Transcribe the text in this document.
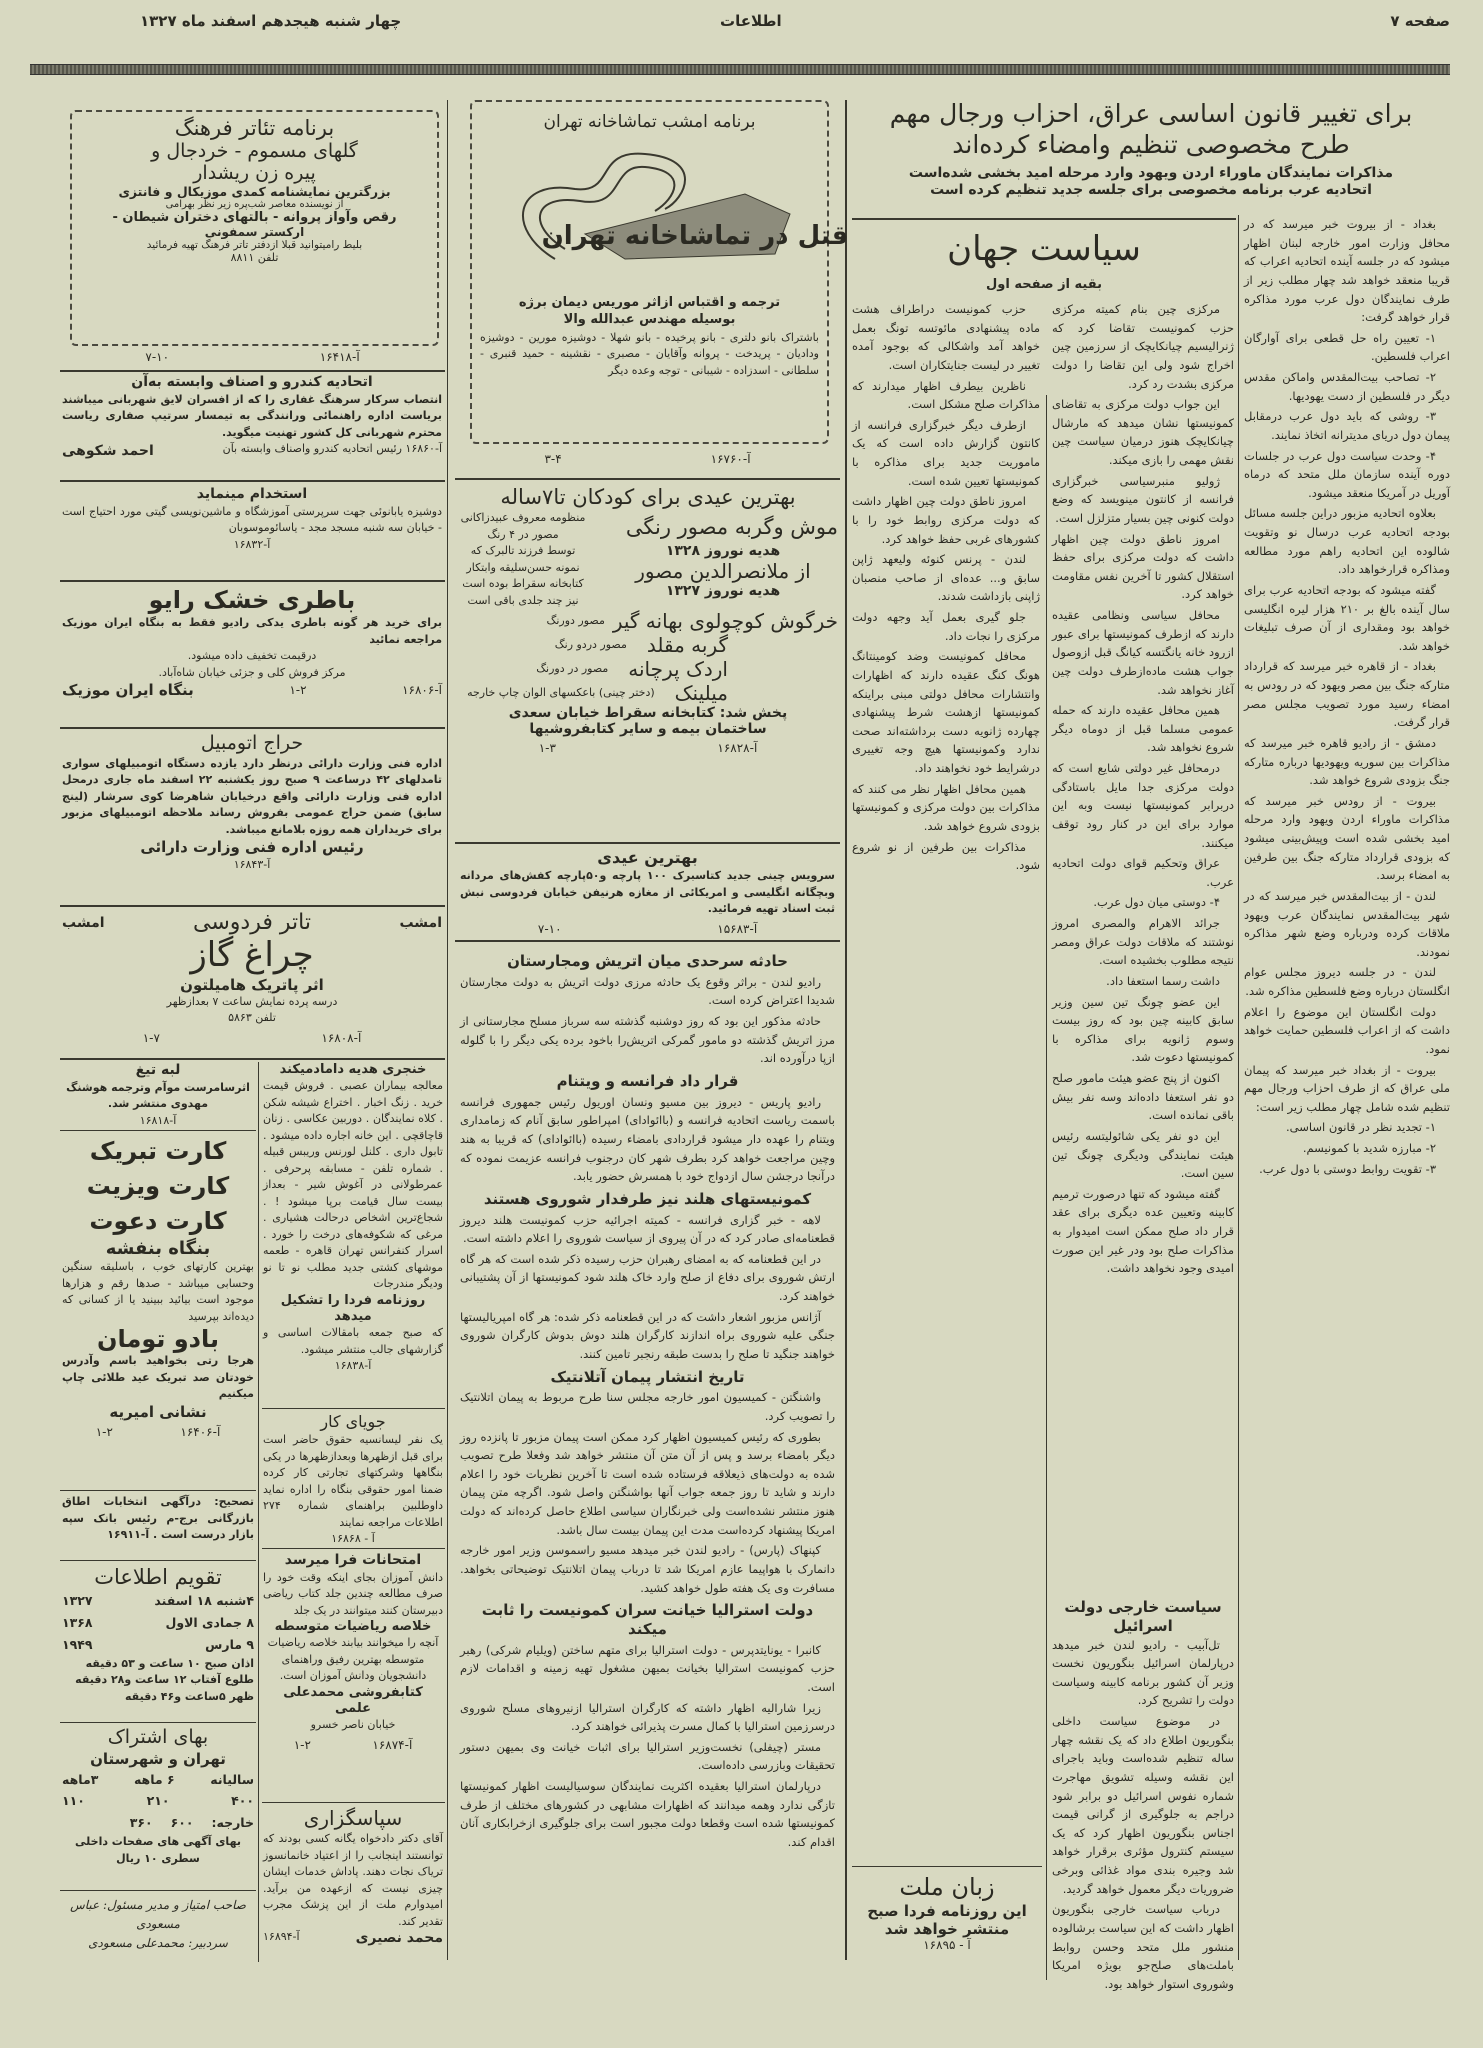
صفحه ۷
اطلاعات
چهار شنبه هیجدهم اسفند ماه ۱۳۲۷
برای تغییر قانون اساسی عراق، احزاب ورجال مهم
طرح مخصوصی تنظیم وامضاء کرده‌اند
مذاکرات نمایندگان ماوراء اردن ویهود وارد مرحله امید بخشی شده‌است
اتحادیه عرب برنامه مخصوصی برای جلسه جدید تنظیم کرده است

بغداد - از بیروت خبر میرسد که در محافل وزارت امور خارجه لبنان اظهار میشود که در جلسه آینده اتحادیه اعراب که قریبا منعقد خواهد شد چهار مطلب زیر از طرف نمایندگان دول عرب مورد مذاکره قرار خواهد گرفت:

۱- تعیین راه حل قطعی برای آوارگان اعراب فلسطین.

۲- تصاحب بیت‌المقدس واماکن مقدس دیگر در فلسطین از دست یهودیها.

۳- روشی که باید دول عرب درمقابل پیمان دول دریای مدیترانه اتخاذ نمایند.

۴- وحدت سیاست دول عرب در جلسات دوره آینده سازمان ملل متحد که درماه آوریل در آمریکا منعقد میشود.

بعلاوه اتحادیه مزبور دراین جلسه مسائل بودجه اتحادیه عرب درسال نو وتقویت شالوده این اتحادیه راهم مورد مطالعه ومذاکره قرارخواهد داد.

گفته میشود که بودجه اتحادیه عرب برای سال آینده بالغ بر ۲۱۰ هزار لیره انگلیسی خواهد بود ومقداری از آن صرف تبلیغات خواهد شد.

بغداد - از قاهره خبر میرسد که قرارداد متارکه جنگ بین مصر ویهود که در رودس به امضاء رسید مورد تصویب مجلس مصر قرار گرفت.

دمشق - از رادیو قاهره خبر میرسد که مذاکرات بین سوریه ویهودیها درباره متارکه جنگ بزودی شروع خواهد شد.

بیروت - از رودس خبر میرسد که مذاکرات ماوراء اردن ویهود وارد مرحله امید بخشی شده است وپیش‌بینی میشود که بزودی قرارداد متارکه جنگ بین طرفین به امضاء برسد.

لندن - از بیت‌المقدس خبر میرسد که در شهر بیت‌المقدس نمایندگان عرب ویهود ملاقات کرده ودرباره وضع شهر مذاکره نمودند.

لندن - در جلسه دیروز مجلس عوام انگلستان درباره وضع فلسطین مذاکره شد.

دولت انگلستان این موضوع را اعلام داشت که از اعراب فلسطین حمایت خواهد نمود.

بیروت - از بغداد خبر میرسد که پیمان ملی عراق که از طرف احزاب ورجال مهم تنظیم شده شامل چهار مطلب زیر است:

۱- تجدید نظر در قانون اساسی.

۲- مبارزه شدید با کمونیسم.

۳- تقویت روابط دوستی با دول عرب.

سیاست جهان
بقیه از صفحه اول

مرکزی چین بنام کمیته مرکزی حزب کمونیست تقاضا کرد که ژنرالیسیم چیانکایچک از سرزمین چین اخراج شود ولی این تقاضا را دولت مرکزی بشدت رد کرد.

این جواب دولت مرکزی به تقاضای کمونیستها نشان میدهد که مارشال چیانکایچک هنوز درمیان سیاست چین نقش مهمی را بازی میکند.

ژولیو منبرسیاسی خبرگزاری فرانسه از کانتون مینویسد که وضع دولت کنونی چین بسیار متزلزل است.

امروز ناطق دولت چین اظهار داشت که دولت مرکزی برای حفظ استقلال کشور تا آخرین نفس مقاومت خواهد کرد.

محافل سیاسی ونظامی عقیده دارند که ازطرف کمونیستها برای عبور ازرود خانه یانگتسه کیانگ قبل ازوصول جواب هشت ماده‌ازطرف دولت چین آغاز نخواهد شد.

همین محافل عقیده دارند که حمله عمومی مسلما قبل از دوماه دیگر شروع نخواهد شد.

درمحافل غیر دولتی شایع است که دولت مرکزی جدا مایل باستادگی دربرابر کمونیستها نیست وبه این موارد برای این در کنار رود توقف میکنند.

عراق وتحکیم قوای دولت اتحادیه عرب.

۴- دوستی میان دول عرب.

جرائد الاهرام والمصری امروز نوشتند که ملاقات دولت عراق ومصر نتیجه مطلوب بخشیده است.

داشت رسما استعفا داد.

این عضو چونگ تین سین وزیر سابق کابینه چین بود که روز بیست وسوم ژانویه برای مذاکره با کمونیستها دعوت شد.

اکنون از پنج عضو هیئت مامور صلح دو نفر استعفا داده‌اند وسه نفر بیش باقی نمانده است.

این دو نفر یکی شائولیتسه رئیس هیئت نمایندگی ودیگری چونگ تین سین است.

گفته میشود که تنها درصورت ترمیم کابینه وتعیین عده دیگری برای عقد قرار داد صلح ممکن است امیدوار به مذاکرات صلح بود ودر غیر این صورت امیدی وجود نخواهد داشت.

حزب کمونیست دراطراف هشت ماده پیشنهادی مائوتسه تونگ بعمل خواهد آمد واشکالی که بوجود آمده تغییر در لیست جنایتکاران است.

ناظرین بیطرف اظهار میدارند که مذاکرات صلح مشکل است.

ازطرف دیگر خبرگزاری فرانسه از کانتون گزارش داده است که یک ماموریت جدید برای مذاکره با کمونیستها تعیین شده است.

امروز ناطق دولت چین اظهار داشت که دولت مرکزی روابط خود را با کشورهای غربی حفظ خواهد کرد.

لندن - پرنس کنوئه ولیعهد ژاپن سابق و... عده‌ای از صاحب منصبان ژاپنی بازداشت شدند.

جلو گیری بعمل آید وجهه دولت مرکزی را نجات داد.

محافل کمونیست وضد کومینتانگ هونگ کنگ عقیده دارند که اظهارات وانتشارات محافل دولتی مبنی براینکه کمونیستها ازهشت شرط پیشنهادی چهارده ژانویه دست برداشته‌اند صحت ندارد وکمونیستها هیچ وجه تغییری درشرایط خود نخواهند داد.

همین محافل اظهار نظر می کنند که مذاکرات بین دولت مرکزی و کمونیستها بزودی شروع خواهد شد.

مذاکرات بین طرفین از نو شروع شود.

سیاست خارجی دولت اسرائیل

تل‌آبیب - رادیو لندن خبر میدهد درپارلمان اسرائیل بنگوریون نخست وزیر آن کشور برنامه کابینه وسیاست دولت را تشریح کرد.

در موضوع سیاست داخلی بنگوریون اطلاع داد که یک نقشه چهار ساله تنظیم شده‌است وباید باجرای این نقشه وسیله تشویق مهاجرت شماره نفوس اسرائیل دو برابر شود دراجم به جلوگیری از گرانی قیمت اجناس بنگوریون اظهار کرد که یک سیستم کنترول مؤثری برقرار خواهد شد وجیره بندی مواد غذائی وبرخی ضروریات دیگر معمول خواهد گردید.

درباب سیاست خارجی بنگوریون اظهار داشت که این سیاست برشالوده منشور ملل متحد وحسن روابط باملت‌های صلح‌جو بویژه امریکا وشوروی استوار خواهد بود.

زبان ملت
این روزنامه فردا صبح
منتشر خواهد شد
آ - ۱۶۸۹۵
برنامه امشب تماشاخانه تهران
قتل در تماشاخانه تهران
ترجمه و اقتباس ازاثر موریس دیمان برژه
بوسیله مهندس عبدالله والا
باشتراک بانو دلتری - بانو پرخیده - بانو شهلا - دوشیزه مورین - دوشیزه ودادیان - پریدخت - پروانه وآقایان - مصبری - نقشینه - حمید قنبری - سلطانی - اسدزاده - شیبانی - توجه وعده دیگر
آ-۱۶۷۶۰
۳-۴
بهترین عیدی برای کودکان تا۷ساله
موش وگربه مصور رنگی
منظومه معروف عبیدزاکانی مصور در ۴ رنگ
هدیه نوروز ۱۳۲۸
از ملانصرالدین مصور
هدیه نوروز ۱۳۲۷
توسط فرزند تالبرک که نمونه حسن‌سلیقه وابتکار کتابخانه سقراط بوده است نیز چند جلدی باقی است
خرگوش کوچولوی بهانه گیر
مصور دورنگ
گربه مقلد
مصور دردو رنگ
اردک پرچانه
مصور در دورنگ
میلینک
(دختر چینی) باعکسهای الوان چاپ خارجه
پخش شد: کتابخانه سقراط خیابان سعدی
ساختمان بیمه و سایر کتابفروشیها
آ-۱۶۸۲۸
۱-۳
بهترین عیدی
سرویس چینی جدید کتاسبرک ۱۰۰ پارچه و۵۰پارچه کفش‌های مردانه وبچگانه انگلیسی و امریکائی از مغازه هرنیفن خیابان فردوسی نبش ثبت اسناد تهیه فرمائید.
آ-۱۵۶۸۳
۷-۱۰
حادثه سرحدی میان اتریش ومجارستان

رادیو لندن - براثر وقوع یک حادثه مرزی دولت اتریش به دولت مجارستان شدیدا اعتراض کرده است.

حادثه مذکور این بود که روز دوشنبه گذشته سه سرباز مسلح مجارستانی از مرز اتریش گذشته دو مامور گمرکی اتریش‌را باخود برده یکی دیگر را با گلوله ازپا درآورده اند.

قرار داد فرانسه و ویتنام

رادیو پاریس - دیروز بین مسیو ونسان اوریول رئیس جمهوری فرانسه باسمت ریاست اتحادیه فرانسه و (باائوادای) امپراطور سابق آنام که زمامداری ویتنام را عهده دار میشود قراردادی بامضاء رسیده (باائوادای) که قریبا به هند وچین مراجعت خواهد کرد بطرف شهر کان درجنوب فرانسه عزیمت نموده که درآنجا درجشن سال ازدواج خود با همسرش حضور یابد.

کمونیستهای هلند نیز طرفدار شوروی هستند

لاهه - خبر گزاری فرانسه - کمیته اجرائیه حزب کمونیست هلند دیروز قطعنامه‌ای صادر کرد که در آن پیروی از سیاست شوروی را اعلام داشته است.

در این قطعنامه که به امضای رهبران حزب رسیده ذکر شده است که هر گاه ارتش شوروی برای دفاع از صلح وارد خاک هلند شود کمونیستها از آن پشتیبانی خواهند کرد.

آژانس مزبور اشعار داشت که در این قطعنامه ذکر شده: هر گاه امپریالیستها جنگی علیه شوروی براه اندازند کارگران هلند دوش بدوش کارگران شوروی خواهند جنگید تا صلح را بدست طبقه رنجبر تامین کنند.

تاریخ انتشار پیمان آتلانتیک

واشنگتن - کمیسیون امور خارجه مجلس سنا طرح مربوط به پیمان اتلانتیک را تصویب کرد.

بطوری که رئیس کمیسیون اظهار کرد ممکن است پیمان مزبور تا پانزده روز دیگر بامضاء برسد و پس از آن متن آن منتشر خواهد شد وفعلا طرح تصویب شده به دولت‌های ذیعلاقه فرستاده شده است تا آخرین نظریات خود را اعلام دارند و شاید تا روز جمعه جواب آنها بواشنگتن واصل شود. اگرچه متن پیمان هنوز منتشر نشده‌است ولی خبرنگاران سیاسی اطلاع حاصل کرده‌اند که دولت امریکا پیشنهاد کرده‌است مدت این پیمان بیست سال باشد.

کپنهاک (پارس) - رادیو لندن خبر میدهد مسیو راسموسن وزیر امور خارجه دانمارک با هواپیما عازم امریکا شد تا درباب پیمان اتلانتیک توضیحاتی بخواهد. مسافرت وی یک هفته طول خواهد کشید.

دولت استرالیا خیانت سران کمونیست را ثابت میکند

کانبرا - یونایتدپرس - دولت استرالیا برای متهم ساختن (ویلیام شرکی) رهبر حزب کمونیست استرالیا بخیانت بمیهن مشغول تهیه زمینه و اقدامات لازم است.

زیرا شارالیه اظهار داشته که کارگران استرالیا ازنیروهای مسلح شوروی درسرزمین استرالیا با کمال مسرت پذیرائی خواهند کرد.

مستر (چیفلی) نخست‌وزیر استرالیا برای اثبات خیانت وی بمیهن دستور تحقیقات وبازرسی داده‌است.

درپارلمان استرالیا بعقیده اکثریت نمایندگان سوسیالیست اظهار کمونیستها تازگی ندارد وهمه میدانند که اظهارات مشابهی در کشورهای مختلف از طرف کمونیستها شده است وقطعا دولت مجبور است برای جلوگیری ازخرابکاری آنان اقدام کند.

برنامه تئاتر فرهنگ
گلهای مسموم - خردجال و
پیره زن ریشدار
بزرگترین نمایشنامه کمدی موزیکال و فانتزی
از نویسنده معاصر شب‌پره زیر نظر بهرامی
رقص وآواز پروانه - بالتهای دختران شیطان -
ارکستر سمفونی
بلیط رامیتوانید قبلا ازدفتر تاتر فرهنگ تهیه فرمائید
تلفن ۸۸۱۱
آ-۱۶۴۱۸
۷-۱۰
اتحادیه کندرو و اصناف وابسته به‌آن
انتصاب سرکار سرهنگ غفاری را که از افسران لایق شهربانی میباشند بریاست اداره راهنمائی ورانندگی به تیمسار سرتیپ صفاری ریاست محترم شهربانی کل کشور تهنیت میگوید.
آ-۱۶۸۶۰ رئیس اتحادیه کندرو واصناف وابسته بآن
احمد شکوهی
استخدام مینماید
دوشیزه یابانوئی جهت سرپرستی آموزشگاه و ماشین‌نویسی گیتی مورد احتیاج است - خیابان سه شنبه مسجد مجد - یاسائوموسوبان
آ-۱۶۸۳۲
باطری خشک رایو
برای خرید هر گونه باطری یدکی رادیو فقط به بنگاه ایران موزیک مراجعه نمائید
درقیمت تخفیف داده میشود.
مرکز فروش کلی و جزئی خیابان شاه‌آباد.
آ-۱۶۸۰۶
۱-۲
بنگاه ایران موزیک
حراج اتومبیل
اداره فنی وزارت دارائی درنظر دارد یازده دستگاه اتومبیلهای سواری تامدلهای ۴۲ درساعت ۹ صبح روز یکشنبه ۲۲ اسفند ماه جاری درمحل اداره فنی وزارت دارائی واقع درخیابان شاهرضا کوی سرشار (لینج سابق) ضمن حراج عمومی بفروش رساند ملاحظه اتومبیلهای مزبور برای خریداران همه روزه بلامانع میباشد.
رئیس اداره فنی وزارت دارائی
آ-۱۶۸۴۳
امشب
تاتر فردوسی
امشب
چراغ گاز
اثر پاتریک هامیلتون
درسه پرده نمایش ساعت ۷ بعدازظهر
تلفن ۵۸۶۳
آ-۱۶۸۰۸
۱-۷
خنجری هدیه دامادمیکند
معالجه بیماران عصبی . فروش قیمت خرید . زنگ اخبار . اختراع شیشه شکن . کلاه نمایندگان . دوربین عکاسی . زنان قاچاقچی . این خانه اجاره داده میشود . تابول داری . کلنل لورنس وریبس قبیله . شماره تلفن - مسابقه پرحرفی . عمرطولانی در آغوش شیر - بعداز بیست سال قیامت برپا میشود ! . شجاع‌ترین اشخاص درحالت هشیاری . مرغی که شکوفه‌های درخت را خورد . اسرار کنفرانس تهران قاهره - طعمه موشهای کشتی جدید مطلب نو تا نو ودیگر مندرجات
روزنامه فردا را تشکیل میدهد
که صبح جمعه بامقالات اساسی و گزارشهای جالب منتشر میشود.
آ-۱۶۸۳۸
جویای کار
یک نفر لیسانسیه حقوق حاضر است برای قبل ازظهرها وبعدازظهرها در یکی بنگاهها وشرکتهای تجارتی کار کرده ضمنا امور حقوقی بنگاه را اداره نماید داوطلبین براهنمای شماره ۲۷۴ اطلاعات مراجعه نمایند
آ - ۱۶۸۶۸
امتحانات فرا میرسد
دانش آموزان بجای اینکه وقت خود را صرف مطالعه چندین جلد کتاب ریاضی دبیرستان کنند میتوانند در یک جلد
خلاصه ریاضیات متوسطه
آنچه را میخوانند بیابند خلاصه ریاضیات متوسطه بهترین رفیق وراهنمای دانشجویان ودانش آموزان است.
کتابفروشی محمدعلی علمی
خیابان ناصر خسرو
آ-۱۶۸۷۴
۱-۲
سپاسگزاری
آقای دکتر دادخواه یگانه کسی بودند که توانستند اینجانب را از اعتیاد خانمانسوز تریاک نجات دهند. پاداش خدمات ایشان چیزی نیست که ازعهده من برآید. امیدوارم ملت از این پزشک مجرب تقدیر کند.
محمد نصیری
آ-۱۶۸۹۴
لبه تیغ
اثرسامرست موآم وترجمه هوشنگ مهدوی منتشر شد.
آ-۱۶۸۱۸
کارت تبریک
کارت ویزیت
کارت دعوت
بنگاه بنفشه
بهترین کارتهای خوب ، باسلیقه سنگین وحسابی میباشد - صدها رقم و هزارها موجود است بیائید ببینید یا از کسانی که دیده‌اند بپرسید
بادو تومان
هرجا رتی بخواهید باسم وآدرس خودتان صد تبریک عید طلائی چاپ میکنیم
نشانی امیریه
آ-۱۶۴۰۶
۱-۲
تصحیح: درآگهی انتخابات اطاق بازرگانی برج-م رئیس بانک سپه بازار درست است . آ-۱۶۹۱۱
تقویم اطلاعات
۴شنبه ۱۸ اسفند
۱۳۲۷
۸ جمادی الاول
۱۳۶۸
۹ مارس
۱۹۴۹
اذان صبح ۱۰ ساعت و ۵۳ دقیقه
طلوع آفتاب ۱۲ ساعت و۲۸ دقیقه
ظهر ۵ساعت و۴۶ دقیقه
بهای اشتراک
تهران و شهرستان
سالیانه
۶ ماهه
۳ماهه
۴۰۰
۲۱۰
۱۱۰
خارجه:
۶۰۰
۳۶۰
بهای آگهی های صفحات داخلی
سطری ۱۰ ریال
صاحب امتیاز و مدیر مسئول: عباس مسعودی
سردبیر: محمدعلی مسعودی
